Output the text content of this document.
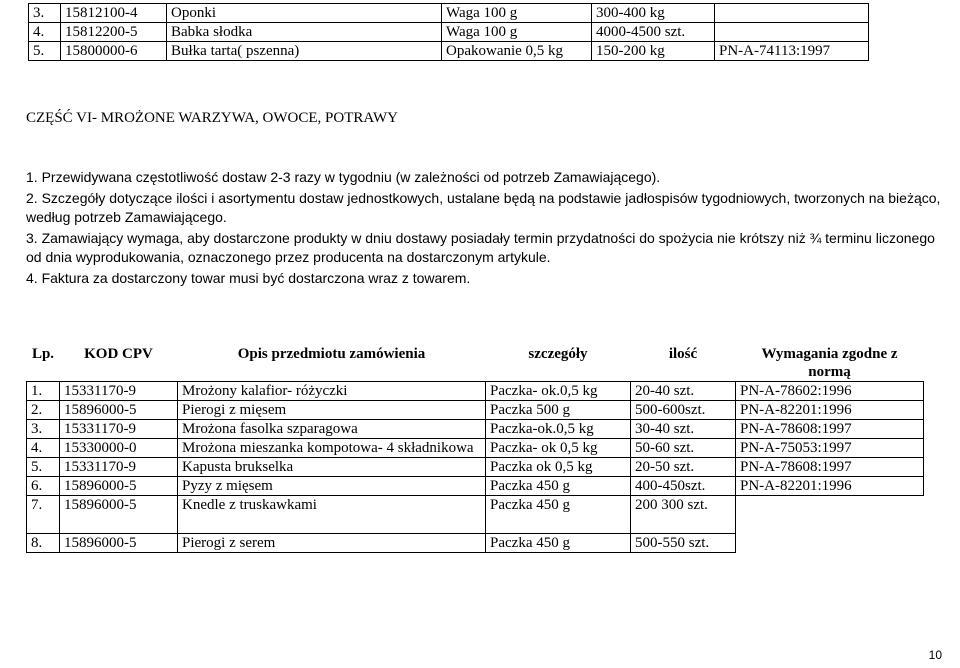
3.	15812100-4	Oponki	Waga 100 g	300-400 kg	
4.	15812200-5	Babka słodka	Waga 100 g	4000-4500 szt.	
5.	15800000-6	Bułka tarta( pszenna)	Opakowanie 0,5 kg	150-200 kg	PN-A-74113:1997
CZĘŚĆ VI- MROŻONE WARZYWA, OWOCE, POTRAWY
1. Przewidywana częstotliwość dostaw 2-3 razy w tygodniu (w zależności od potrzeb Zamawiającego).
2. Szczegóły dotyczące ilości i asortymentu dostaw jednostkowych, ustalane będą na podstawie jadłospisów tygodniowych, tworzonych na bieżąco, według potrzeb Zamawiającego.
3. Zamawiający wymaga, aby dostarczone produkty w dniu dostawy posiadały termin przydatności do spożycia nie krótszy niż ¾ terminu liczonego od dnia wyprodukowania, oznaczonego przez producenta na dostarczonym artykule.
4. Faktura za dostarczony towar musi być dostarczona wraz z towarem.
Lp.	KOD CPV	Opis przedmiotu zamówienia	szczegóły	ilość	Wymagania zgodne z normą
1.	15331170-9	Mrożony kalafior- różyczki	Paczka- ok.0,5 kg	20-40 szt.	PN-A-78602:1996
2.	15896000-5	Pierogi z mięsem	Paczka 500 g	500-600szt.	PN-A-82201:1996
3.	15331170-9	Mrożona fasolka szparagowa	Paczka-ok.0,5 kg	30-40 szt.	PN-A-78608:1997
4.	15330000-0	Mrożona mieszanka kompotowa- 4 składnikowa	Paczka- ok 0,5 kg	50-60 szt.	PN-A-75053:1997
5.	15331170-9	Kapusta brukselka	Paczka ok 0,5 kg	20-50 szt.	PN-A-78608:1997
6.	15896000-5	Pyzy z mięsem	Paczka 450 g	400-450szt.	PN-A-82201:1996
7.	15896000-5	Knedle z truskawkami	Paczka 450 g	200 300 szt.	
8.	15896000-5	Pierogi z serem	Paczka 450 g	500-550 szt.	
10
